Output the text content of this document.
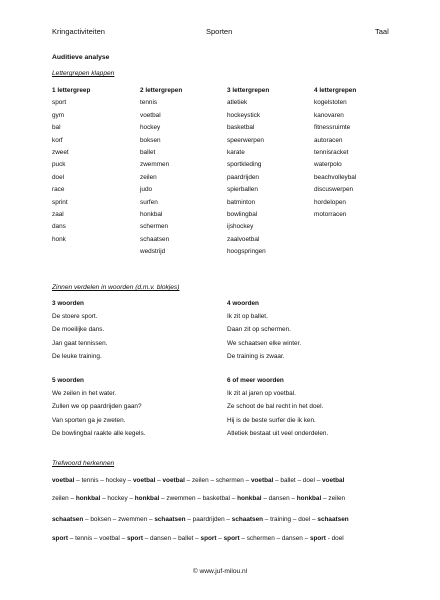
Kringactiviteiten	Sporten	Taal
Auditieve analyse
Lettergrepen klappen
1 lettergreep
sport
gym
bal
korf
zweet
puck
doel
race
sprint
zaal
dans
honk
2 lettergrepen
tennis
voetbal
hockey
boksen
ballet
zwemmen
zeilen
judo
surfen
honkbal
schermen
schaatsen
wedstrijd
3 lettergrepen
atletiek
hockeystick
basketbal
speerwerpen
karate
sportkleding
paardrijden
spierballen
batminton
bowlingbal
ijshockey
zaalvoetbal
hoogspringen
4 lettergrepen
kogelstoten
kanovaren
fitnessruimte
autoracen
tennisracket
waterpolo
beachvolleybal
discuswerpen
hordelopen
motorracen
Zinnen verdelen in woorden (d.m.v. blokjes)
3 woorden
De stoere sport.
De moeilijke dans.
Jan gaat tennissen.
De leuke training.
4 woorden
Ik zit op ballet.
Daan zit op schermen.
We schaatsen elke winter.
De training is zwaar.
5 woorden
We zeilen in het water.
Zullen we op paardrijden gaan?
Van sporten ga je zweten.
De bowlingbal raakte alle kegels.
6 of meer woorden
Ik zit al jaren op voetbal.
Ze schoot de bal recht in het doel.
Hij is de beste surfer die ik ken.
Atletiek bestaat uit veel onderdelen.
Trefwoord herkennen
voetbal – tennis – hockey – voetbal – voetbal – zeilen – schermen – voetbal – ballet – doel – voetbal
zeilen – honkbal – hockey – honkbal – zwemmen – basketbal – honkbal – dansen – honkbal – zeilen
schaatsen – boksen – zwemmen – schaatsen – paardrijden – schaatsen – training – doel – schaatsen
sport – tennis – voetbal – sport – dansen – ballet – sport – sport – schermen – dansen – sport - doel
© www.juf-milou.nl
